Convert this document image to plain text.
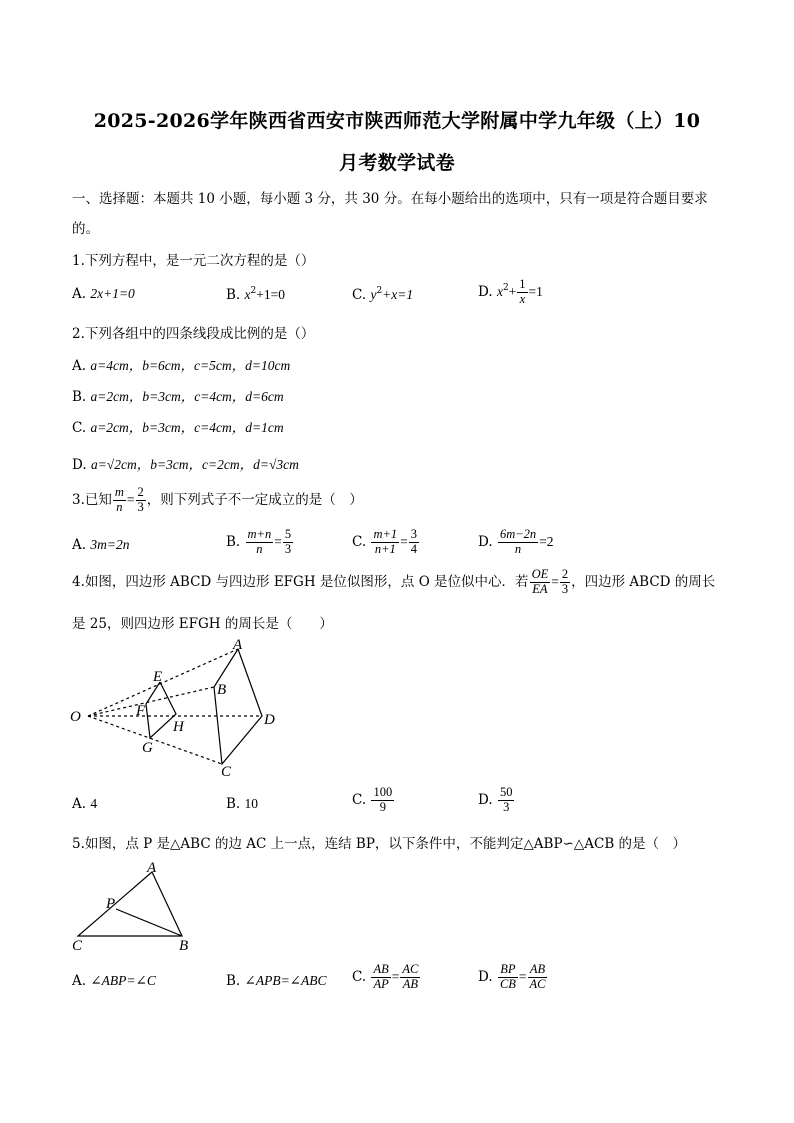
2025-2026学年陕西省西安市陕西师范大学附属中学九年级（上）10
月考数学试卷
一、选择题：本题共 10 小题，每小题 3 分，共 30 分。在每小题给出的选项中，只有一项是符合题目要求
的。
1.下列方程中，是一元二次方程的是（）
A. 2x+1=0	B. $x^2+1=0$	C. $y^2+x=1$	D. $x^2+ \frac{1}{x} =1$
2.下列各组中的四条线段成比例的是（）
A. a=4cm，b=6cm，c=5cm，d=10cm
B. a=2cm，b=3cm，c=4cm，d=6cm
C. a=2cm，b=3cm，c=4cm，d=1cm
D. a=√2cm，b=3cm，c=2cm，d=√3cm
3.已知 $\frac{m}{n} = \frac{2}{3}$ ，则下列式子不一定成立的是（　）
A. 3m=2n	B. $\frac{m+n}{n} = \frac{5}{3}$	C. $\frac{m+1}{n+1} = \frac{3}{4}$	D. $\frac{6m-2n}{n} =2$
4.如图，四边形 ABCD 与四边形 EFGH 是位似图形，点 O 是位似中心．若 $\frac{OE}{EA} = \frac{2}{3}$ ，四边形 ABCD 的周长
是 25，则四边形 EFGH 的周长是（　　）
O
A
B
D
C
E
F
H
G
A. 4	B. 10	C. $\frac{100}{9}$	D. $\frac{50}{3}$
5.如图，点 P 是△ABC 的边 AC 上一点，连结 BP，以下条件中，不能判定△ABP∽△ACB 的是（　）
A
P
C	B
A. ∠ABP=∠C	B. ∠APB=∠ABC C. $\frac{AB}{AP} = \frac{AC}{AB}$	D. $\frac{BP}{CB} = \frac{AB}{AC}$
